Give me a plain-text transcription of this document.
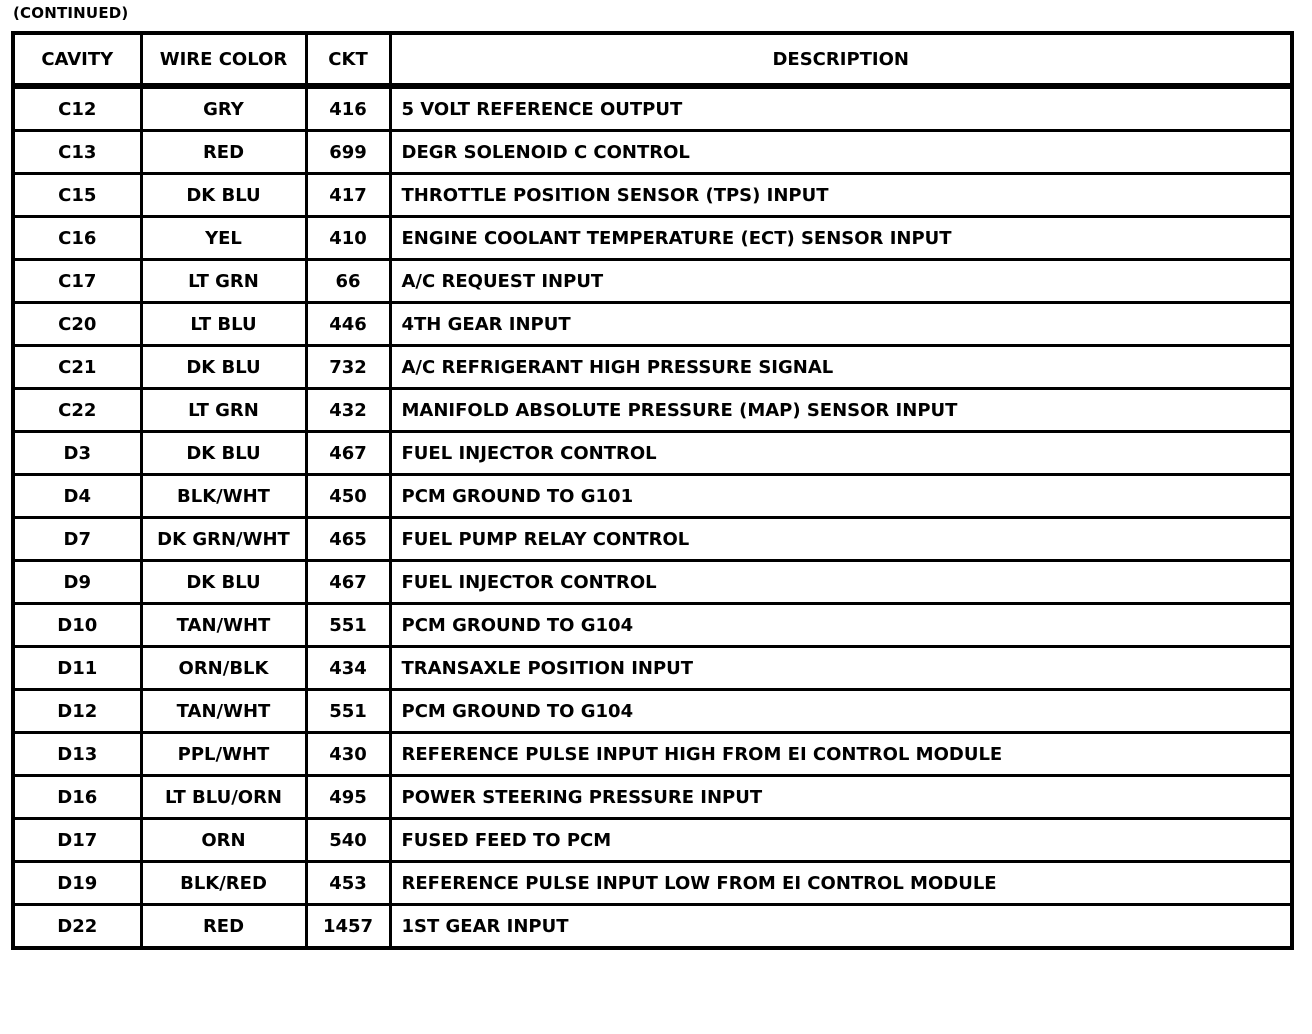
(CONTINUED)
CAVITY	WIRE COLOR	CKT	DESCRIPTION
C12	GRY	416	5 VOLT REFERENCE OUTPUT
C13	RED	699	DEGR SOLENOID C CONTROL
C15	DK BLU	417	THROTTLE POSITION SENSOR (TPS) INPUT
C16	YEL	410	ENGINE COOLANT TEMPERATURE (ECT) SENSOR INPUT
C17	LT GRN	66	A/C REQUEST INPUT
C20	LT BLU	446	4TH GEAR INPUT
C21	DK BLU	732	A/C REFRIGERANT HIGH PRESSURE SIGNAL
C22	LT GRN	432	MANIFOLD ABSOLUTE PRESSURE (MAP) SENSOR INPUT
D3	DK BLU	467	FUEL INJECTOR CONTROL
D4	BLK/WHT	450	PCM GROUND TO G101
D7	DK GRN/WHT	465	FUEL PUMP RELAY CONTROL
D9	DK BLU	467	FUEL INJECTOR CONTROL
D10	TAN/WHT	551	PCM GROUND TO G104
D11	ORN/BLK	434	TRANSAXLE POSITION INPUT
D12	TAN/WHT	551	PCM GROUND TO G104
D13	PPL/WHT	430	REFERENCE PULSE INPUT HIGH FROM EI CONTROL MODULE
D16	LT BLU/ORN	495	POWER STEERING PRESSURE INPUT
D17	ORN	540	FUSED FEED TO PCM
D19	BLK/RED	453	REFERENCE PULSE INPUT LOW FROM EI CONTROL MODULE
D22	RED	1457	1ST GEAR INPUT
